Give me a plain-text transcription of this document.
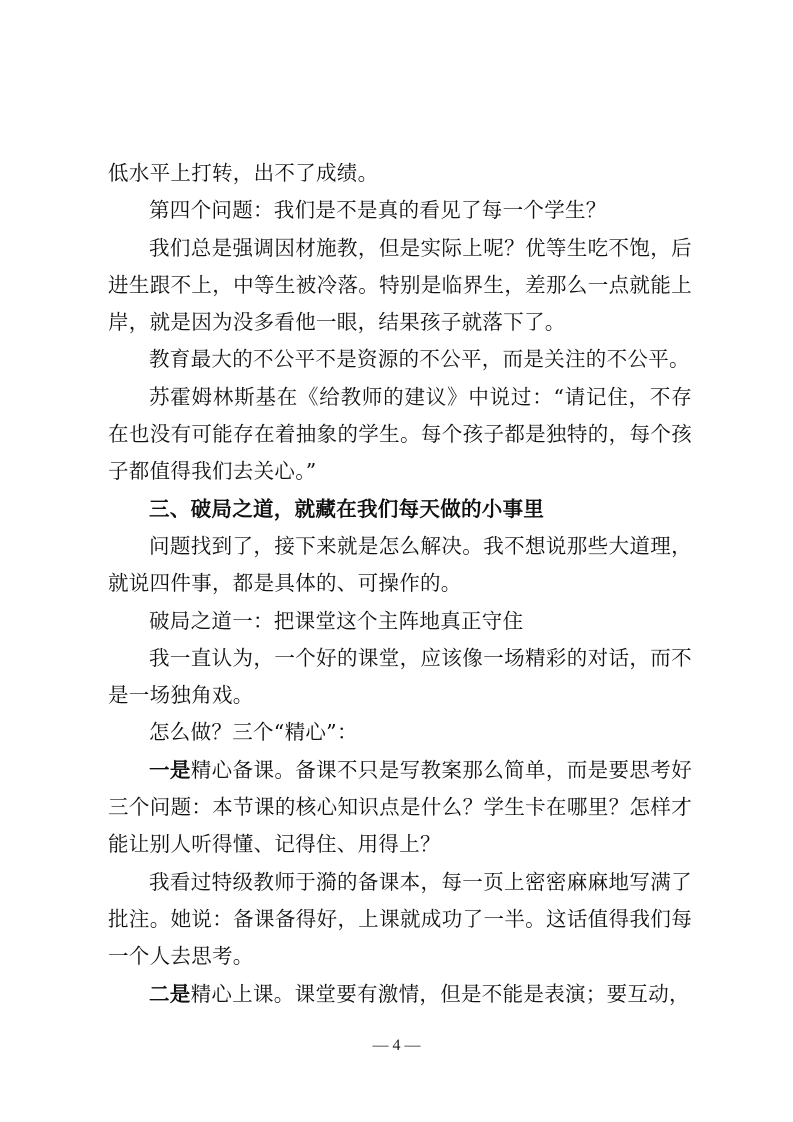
低水平上打转，出不了成绩。

第四个问题：我们是不是真的看见了每一个学生？

我们总是强调因材施教，但是实际上呢？优等生吃不饱，后进生跟不上，中等生被冷落。特别是临界生，差那么一点就能上岸，就是因为没多看他一眼，结果孩子就落下了。

教育最大的不公平不是资源的不公平，而是关注的不公平。

苏霍姆林斯基在《给教师的建议》中说过：“请记住，不存在也没有可能存在着抽象的学生。每个孩子都是独特的，每个孩子都值得我们去关心。”

三、破局之道，就藏在我们每天做的小事里

问题找到了，接下来就是怎么解决。我不想说那些大道理，就说四件事，都是具体的、可操作的。

破局之道一：把课堂这个主阵地真正守住

我一直认为，一个好的课堂，应该像一场精彩的对话，而不是一场独角戏。

怎么做？三个“精心”：

一是精心备课。备课不只是写教案那么简单，而是要思考好三个问题：本节课的核心知识点是什么？学生卡在哪里？怎样才能让别人听得懂、记得住、用得上？

我看过特级教师于漪的备课本，每一页上密密麻麻地写满了批注。她说：备课备得好，上课就成功了一半。这话值得我们每一个人去思考。

二是精心上课。课堂要有激情，但是不能是表演；要互动，

— 4 —
